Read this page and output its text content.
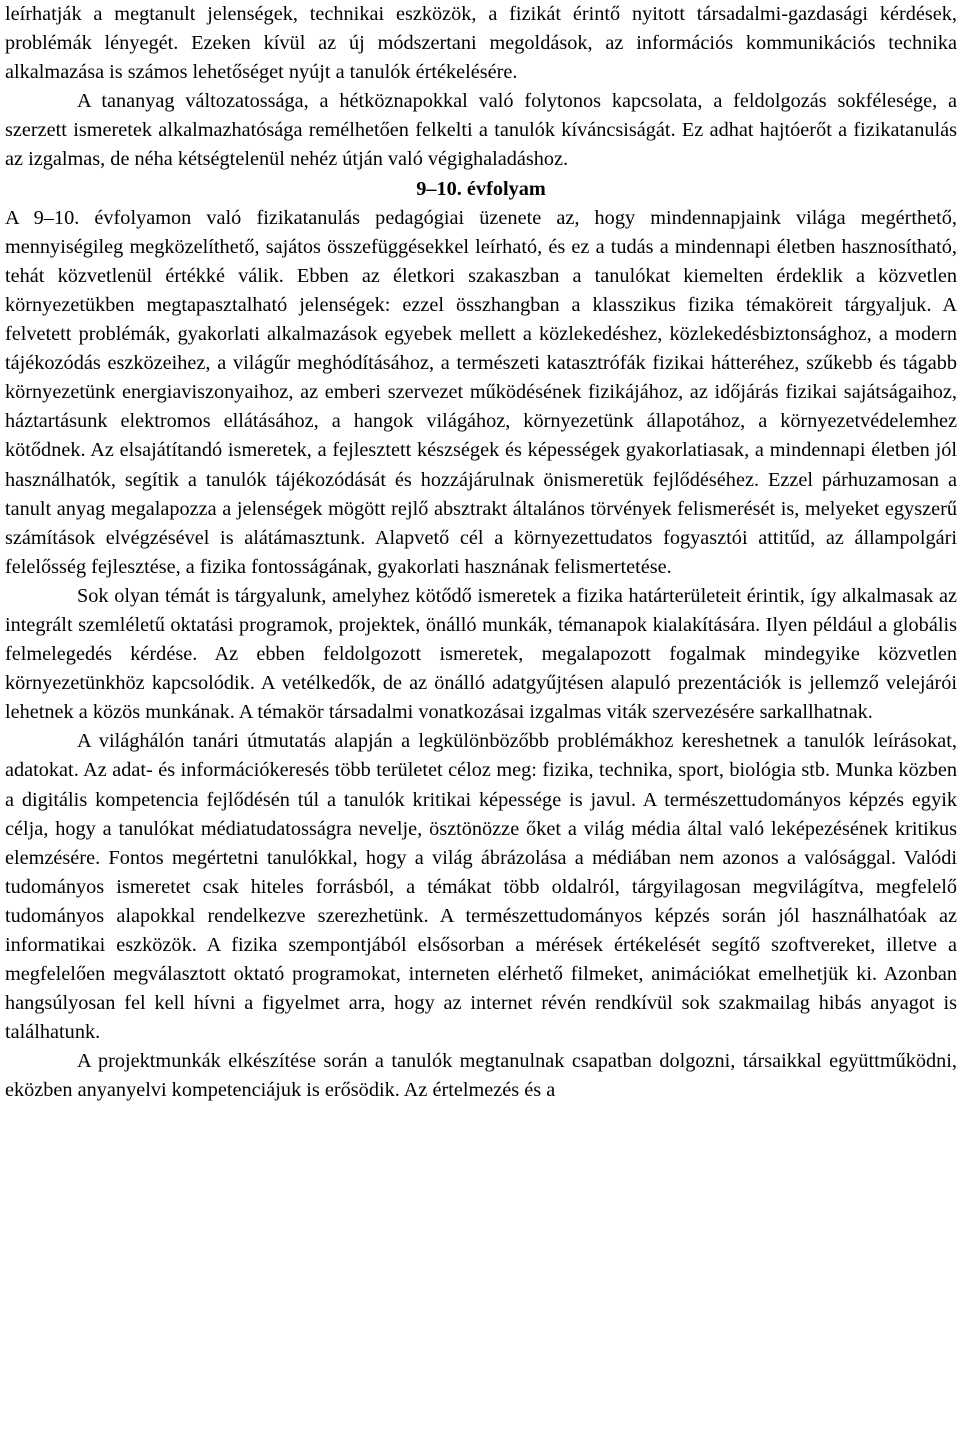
leírhatják a megtanult jelenségek, technikai eszközök, a fizikát érintő nyitott társadalmi-gazdasági kérdések, problémák lényegét. Ezeken kívül az új módszertani megoldások, az információs kommunikációs technika alkalmazása is számos lehetőséget nyújt a tanulók értékelésére.

A tananyag változatossága, a hétköznapokkal való folytonos kapcsolata, a feldolgozás sokfélesége, a szerzett ismeretek alkalmazhatósága remélhetően felkelti a tanulók kíváncsiságát. Ez adhat hajtóerőt a fizikatanulás az izgalmas, de néha kétségtelenül nehéz útján való végighaladáshoz.

9–10. évfolyam

A 9–10. évfolyamon való fizikatanulás pedagógiai üzenete az, hogy mindennapjaink világa megérthető, mennyiségileg megközelíthető, sajátos összefüggésekkel leírható, és ez a tudás a mindennapi életben hasznosítható, tehát közvetlenül értékké válik. Ebben az életkori szakaszban a tanulókat kiemelten érdeklik a közvetlen környezetükben megtapasztalható jelenségek: ezzel összhangban a klasszikus fizika témaköreit tárgyaljuk. A felvetett problémák, gyakorlati alkalmazások egyebek mellett a közlekedéshez, közlekedésbiztonsághoz, a modern tájékozódás eszközeihez, a világűr meghódításához, a természeti katasztrófák fizikai hátteréhez, szűkebb és tágabb környezetünk energiaviszonyaihoz, az emberi szervezet működésének fizikájához, az időjárás fizikai sajátságaihoz, háztartásunk elektromos ellátásához, a hangok világához, környezetünk állapotához, a környezetvédelemhez kötődnek. Az elsajátítandó ismeretek, a fejlesztett készségek és képességek gyakorlatiasak, a mindennapi életben jól használhatók, segítik a tanulók tájékozódását és hozzájárulnak önismeretük fejlődéséhez. Ezzel párhuzamosan a tanult anyag megalapozza a jelenségek mögött rejlő absztrakt általános törvények felismerését is, melyeket egyszerű számítások elvégzésével is alátámasztunk. Alapvető cél a környezettudatos fogyasztói attitűd, az állampolgári felelősség fejlesztése, a fizika fontosságának, gyakorlati hasznának felismertetése.

Sok olyan témát is tárgyalunk, amelyhez kötődő ismeretek a fizika határterületeit érintik, így alkalmasak az integrált szemléletű oktatási programok, projektek, önálló munkák, témanapok kialakítására. Ilyen például a globális felmelegedés kérdése. Az ebben feldolgozott ismeretek, megalapozott fogalmak mindegyike közvetlen környezetünkhöz kapcsolódik. A vetélkedők, de az önálló adatgyűjtésen alapuló prezentációk is jellemző velejárói lehetnek a közös munkának. A témakör társadalmi vonatkozásai izgalmas viták szervezésére sarkallhatnak.

A világhálón tanári útmutatás alapján a legkülönbözőbb problémákhoz kereshetnek a tanulók leírásokat, adatokat. Az adat- és információkeresés több területet céloz meg: fizika, technika, sport, biológia stb. Munka közben a digitális kompetencia fejlődésén túl a tanulók kritikai képessége is javul. A természettudományos képzés egyik célja, hogy a tanulókat médiatudatosságra nevelje, ösztönözze őket a világ média által való leképezésének kritikus elemzésére. Fontos megértetni tanulókkal, hogy a világ ábrázolása a médiában nem azonos a valósággal. Valódi tudományos ismeretet csak hiteles forrásból, a témákat több oldalról, tárgyilagosan megvilágítva, megfelelő tudományos alapokkal rendelkezve szerezhetünk. A természettudományos képzés során jól használhatóak az informatikai eszközök. A fizika szempontjából elsősorban a mérések értékelését segítő szoftvereket, illetve a megfelelően megválasztott oktató programokat, interneten elérhető filmeket, animációkat emelhetjük ki. Azonban hangsúlyosan fel kell hívni a figyelmet arra, hogy az internet révén rendkívül sok szakmailag hibás anyagot is találhatunk.

A projektmunkák elkészítése során a tanulók megtanulnak csapatban dolgozni, társaikkal együttműködni, eközben anyanyelvi kompetenciájuk is erősödik. Az értelmezés és a
